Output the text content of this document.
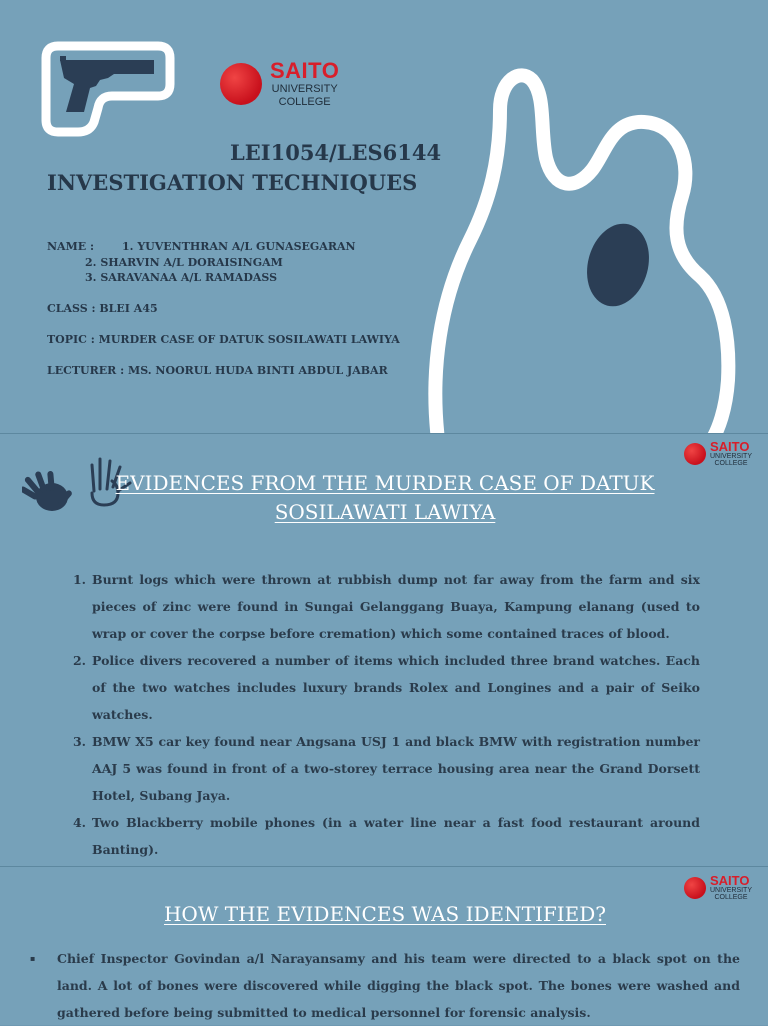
SAITO
UNIVERSITY
COLLEGE
LEI1054/LES6144
INVESTIGATION TECHNIQUES
NAME :	1. YUVENTHRAN A/L GUNASEGARAN
2. SHARVIN A/L DORAISINGAM
3. SARAVANAA A/L RAMADASS
CLASS : BLEI A45
TOPIC : MURDER CASE OF DATUK SOSILAWATI LAWIYA
LECTURER : MS. NOORUL HUDA BINTI ABDUL JABAR
SAITO
UNIVERSITY
COLLEGE
EVIDENCES FROM THE MURDER CASE OF DATUK
SOSILAWATI LAWIYA
1. Burnt logs which were thrown at rubbish dump not far away from the farm and six pieces of zinc were found in Sungai Gelanggang Buaya, Kampung elanang (used to wrap or cover the corpse before cremation) which some contained traces of blood.
2. Police divers recovered a number of items which included three brand watches. Each of the two watches includes luxury brands Rolex and Longines and a pair of Seiko watches.
3. BMW X5 car key found near Angsana USJ 1 and black BMW with registration number AAJ 5 was found in front of a two-storey terrace housing area near the Grand Dorsett Hotel, Subang Jaya.
4. Two Blackberry mobile phones (in a water line near a fast food restaurant around Banting).
SAITO
UNIVERSITY
COLLEGE
HOW THE EVIDENCES WAS IDENTIFIED?
▪	Chief Inspector Govindan a/l Narayansamy and his team were directed to a black spot on the land. A lot of bones were discovered while digging the black spot. The bones were washed and gathered before being submitted to medical personnel for forensic analysis.
